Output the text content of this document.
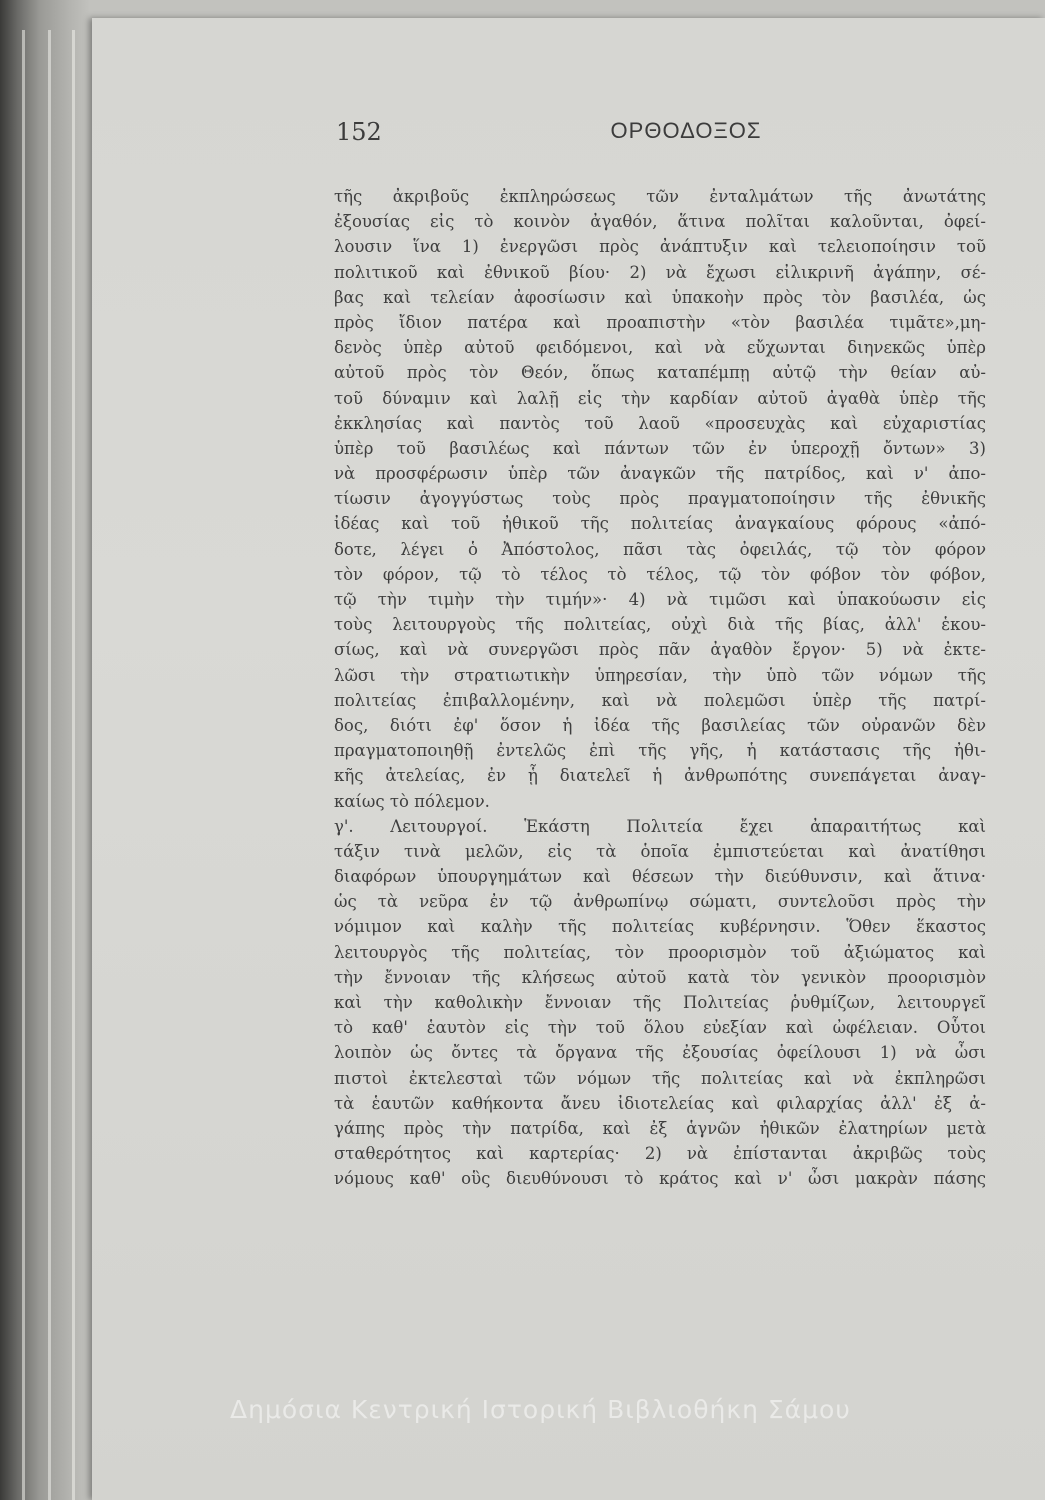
152	ΟΡΘΟΔΟΞΟΣ
τῆς ἀκριβοῦς ἐκπληρώσεως τῶν ἐνταλμάτων τῆς ἀνωτάτης
ἐξουσίας εἰς τὸ κοινὸν ἀγαθόν, ἅτινα πολῖται καλοῦνται, ὀφεί-
λουσιν ἵνα 1) ἐνεργῶσι πρὸς ἀνάπτυξιν καὶ τελειοποίησιν τοῦ
πολιτικοῦ καὶ ἐθνικοῦ βίου· 2) νὰ ἔχωσι εἰλικρινῆ ἀγάπην, σέ-
βας καὶ τελείαν ἀφοσίωσιν καὶ ὑπακοὴν πρὸς τὸν βασιλέα, ὡς
πρὸς ἴδιον πατέρα καὶ προαπιστὴν «τὸν βασιλέα τιμᾶτε»,μη-
δενὸς ὑπὲρ αὐτοῦ φειδόμενοι, καὶ νὰ εὔχωνται διηνεκῶς ὑπὲρ
αὐτοῦ πρὸς τὸν Θεόν, ὅπως καταπέμπῃ αὐτῷ τὴν θείαν αὐ-
τοῦ δύναμιν καὶ λαλῇ εἰς τὴν καρδίαν αὐτοῦ ἀγαθὰ ὑπὲρ τῆς
ἐκκλησίας καὶ παντὸς τοῦ λαοῦ «προσευχὰς καὶ εὐχαριστίας
ὑπὲρ τοῦ βασιλέως καὶ πάντων τῶν ἐν ὑπεροχῇ ὄντων» 3)
νὰ προσφέρωσιν ὑπὲρ τῶν ἀναγκῶν τῆς πατρίδος, καὶ ν' ἀπο-
τίωσιν ἀγογγύστως τοὺς πρὸς πραγματοποίησιν τῆς ἐθνικῆς
ἰδέας καὶ τοῦ ἠθικοῦ τῆς πολιτείας ἀναγκαίους φόρους «ἀπό-
δοτε, λέγει ὁ Ἀπόστολος, πᾶσι τὰς ὀφειλάς, τῷ τὸν φόρον
τὸν φόρον, τῷ τὸ τέλος τὸ τέλος, τῷ τὸν φόβον τὸν φόβον,
τῷ τὴν τιμὴν τὴν τιμήν»· 4) νὰ τιμῶσι καὶ ὑπακούωσιν εἰς
τοὺς λειτουργοὺς τῆς πολιτείας, οὐχὶ διὰ τῆς βίας, ἀλλ' ἑκου-
σίως, καὶ νὰ συνεργῶσι πρὸς πᾶν ἀγαθὸν ἔργον· 5) νὰ ἐκτε-
λῶσι τὴν στρατιωτικὴν ὑπηρεσίαν, τὴν ὑπὸ τῶν νόμων τῆς
πολιτείας ἐπιβαλλομένην, καὶ νὰ πολεμῶσι ὑπὲρ τῆς πατρί-
δος, διότι ἐφ' ὅσον ἡ ἰδέα τῆς βασιλείας τῶν οὐρανῶν δὲν
πραγματοποιηθῇ ἐντελῶς ἐπὶ τῆς γῆς, ἡ κατάστασις τῆς ἠθι-
κῆς ἀτελείας, ἐν ᾗ διατελεῖ ἡ ἀνθρωπότης συνεπάγεται ἀναγ-
καίως τὸ πόλεμον.
γ'. Λειτουργοί. Ἑκάστη Πολιτεία ἔχει ἀπαραιτήτως καὶ
τάξιν τινὰ μελῶν, εἰς τὰ ὁποῖα ἐμπιστεύεται καὶ ἀνατίθησι
διαφόρων ὑπουργημάτων καὶ θέσεων τὴν διεύθυνσιν, καὶ ἅτινα·
ὡς τὰ νεῦρα ἐν τῷ ἀνθρωπίνῳ σώματι, συντελοῦσι πρὸς τὴν
νόμιμον καὶ καλὴν τῆς πολιτείας κυβέρνησιν. Ὅθεν ἕκαστος
λειτουργὸς τῆς πολιτείας, τὸν προορισμὸν τοῦ ἀξιώματος καὶ
τὴν ἔννοιαν τῆς κλήσεως αὐτοῦ κατὰ τὸν γενικὸν προορισμὸν
καὶ τὴν καθολικὴν ἔννοιαν τῆς Πολιτείας ῥυθμίζων, λειτουργεῖ
τὸ καθ' ἑαυτὸν εἰς τὴν τοῦ ὅλου εὐεξίαν καὶ ὠφέλειαν. Οὗτοι
λοιπὸν ὡς ὄντες τὰ ὄργανα τῆς ἐξουσίας ὀφείλουσι 1) νὰ ὦσι
πιστοὶ ἐκτελεσταὶ τῶν νόμων τῆς πολιτείας καὶ νὰ ἐκπληρῶσι
τὰ ἑαυτῶν καθήκοντα ἄνευ ἰδιοτελείας καὶ φιλαρχίας ἀλλ' ἐξ ἀ-
γάπης πρὸς τὴν πατρίδα, καὶ ἐξ ἁγνῶν ἠθικῶν ἐλατηρίων μετὰ
σταθερότητος καὶ καρτερίας· 2) νὰ ἐπίστανται ἀκριβῶς τοὺς
νόμους καθ' οὓς διευθύνουσι τὸ κράτος καὶ ν' ὦσι μακρὰν πάσης
Δημόσια Κεντρική Ιστορική Βιβλιοθήκη Σάμου
